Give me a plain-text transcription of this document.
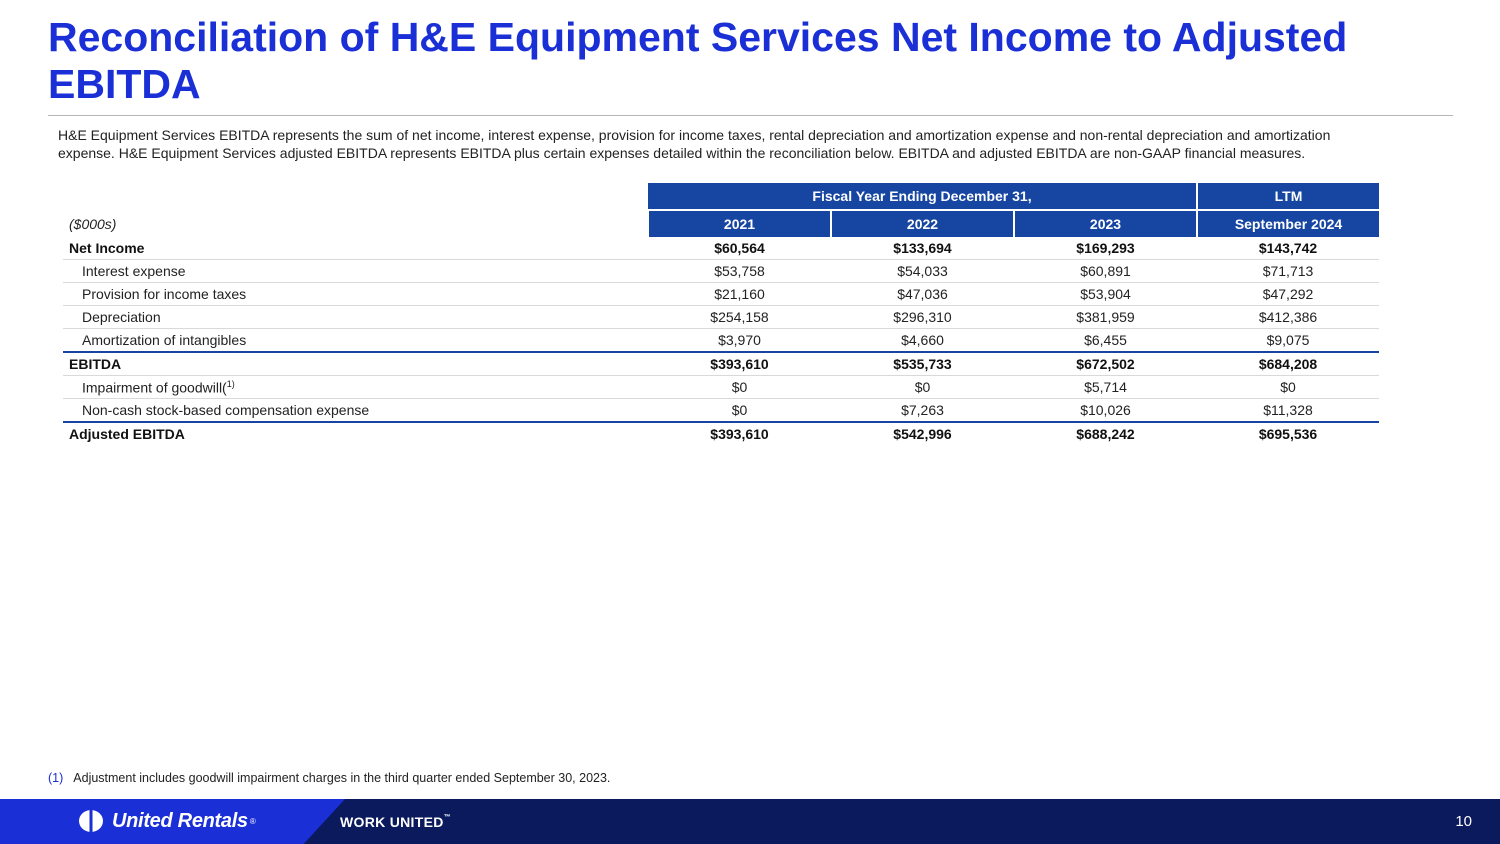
Reconciliation of H&E Equipment Services Net Income to Adjusted EBITDA
H&E Equipment Services EBITDA represents the sum of net income, interest expense, provision for income taxes, rental depreciation and amortization expense and non-rental depreciation and amortization expense. H&E Equipment Services adjusted EBITDA represents EBITDA plus certain expenses detailed within the reconciliation below. EBITDA and adjusted EBITDA are non-GAAP financial measures.
	Fiscal Year Ending December 31,			LTM
($000s)	2021	2022	2023	September 2024
Net Income	$60,564	$133,694	$169,293	$143,742
Interest expense	$53,758	$54,033	$60,891	$71,713
Provision for income taxes	$21,160	$47,036	$53,904	$47,292
Depreciation	$254,158	$296,310	$381,959	$412,386
Amortization of intangibles	$3,970	$4,660	$6,455	$9,075
EBITDA	$393,610	$535,733	$672,502	$684,208
Impairment of goodwill($^{1)}$	$0	$0	$5,714	$0
Non-cash stock-based compensation expense	$0	$7,263	$10,026	$11,328
Adjusted EBITDA	$393,610	$542,996	$688,242	$695,536
(1) Adjustment includes goodwill impairment charges in the third quarter ended September 30, 2023.
United Rentals ®	WORK UNITED™	10
